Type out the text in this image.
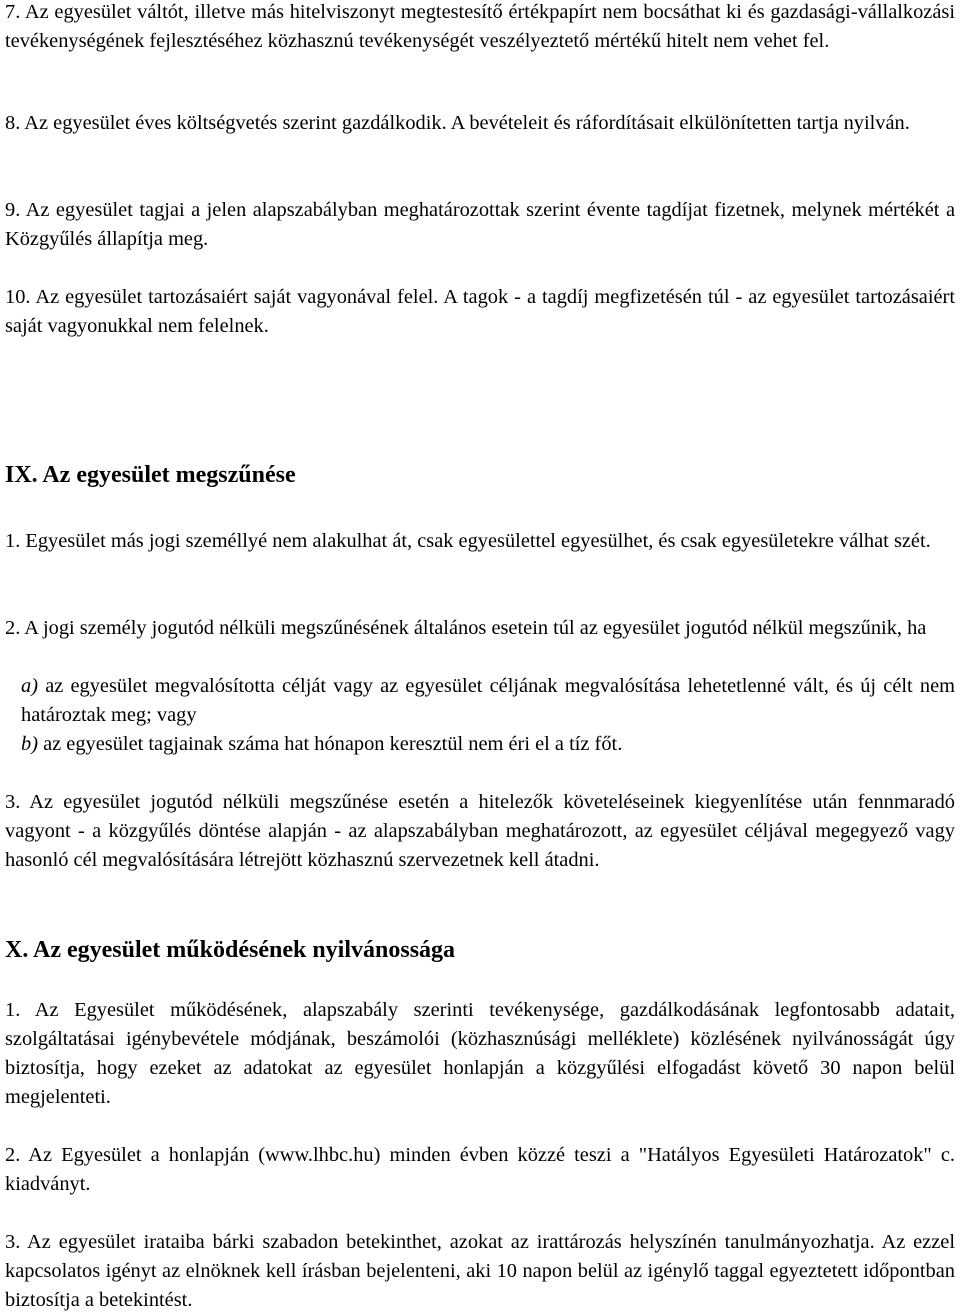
7. Az egyesület váltót, illetve más hitelviszonyt megtestesítő értékpapírt nem bocsáthat ki és gazdasági-vállalkozási tevékenységének fejlesztéséhez közhasznú tevékenységét veszélyeztető mértékű hitelt nem vehet fel.

8. Az egyesület éves költségvetés szerint gazdálkodik. A bevételeit és ráfordításait elkülönítetten tartja nyilván.

9. Az egyesület tagjai a jelen alapszabályban meghatározottak szerint évente tagdíjat fizetnek, melynek mértékét a Közgyűlés állapítja meg.

10. Az egyesület tartozásaiért saját vagyonával felel. A tagok - a tagdíj megfizetésén túl - az egyesület tartozásaiért saját vagyonukkal nem felelnek.

IX. Az egyesület megszűnése

1. Egyesület más jogi személlyé nem alakulhat át, csak egyesülettel egyesülhet, és csak egyesületekre válhat szét.

2. A jogi személy jogutód nélküli megszűnésének általános esetein túl az egyesület jogutód nélkül megszűnik, ha

a) az egyesület megvalósította célját vagy az egyesület céljának megvalósítása lehetetlenné vált, és új célt nem határoztak meg; vagy

b) az egyesület tagjainak száma hat hónapon keresztül nem éri el a tíz főt.

3. Az egyesület jogutód nélküli megszűnése esetén a hitelezők követeléseinek kiegyenlítése után fennmaradó vagyont - a közgyűlés döntése alapján - az alapszabályban meghatározott, az egyesület céljával megegyező vagy hasonló cél megvalósítására létrejött közhasznú szervezetnek kell átadni.

X. Az egyesület működésének nyilvánossága

1. Az Egyesület működésének, alapszabály szerinti tevékenysége, gazdálkodásának legfontosabb adatait, szolgáltatásai igénybevétele módjának, beszámolói (közhasznúsági melléklete) közlésének nyilvánosságát úgy biztosítja, hogy ezeket az adatokat az egyesület honlapján a közgyűlési elfogadást követő 30 napon belül megjelenteti.

2. Az Egyesület a honlapján (www.lhbc.hu) minden évben közzé teszi a "Hatályos Egyesületi Határozatok" c. kiadványt.

3. Az egyesület irataiba bárki szabadon betekinthet, azokat az irattározás helyszínén tanulmányozhatja. Az ezzel kapcsolatos igényt az elnöknek kell írásban bejelenteni, aki 10 napon belül az igénylő taggal egyeztetett időpontban biztosítja a betekintést.
